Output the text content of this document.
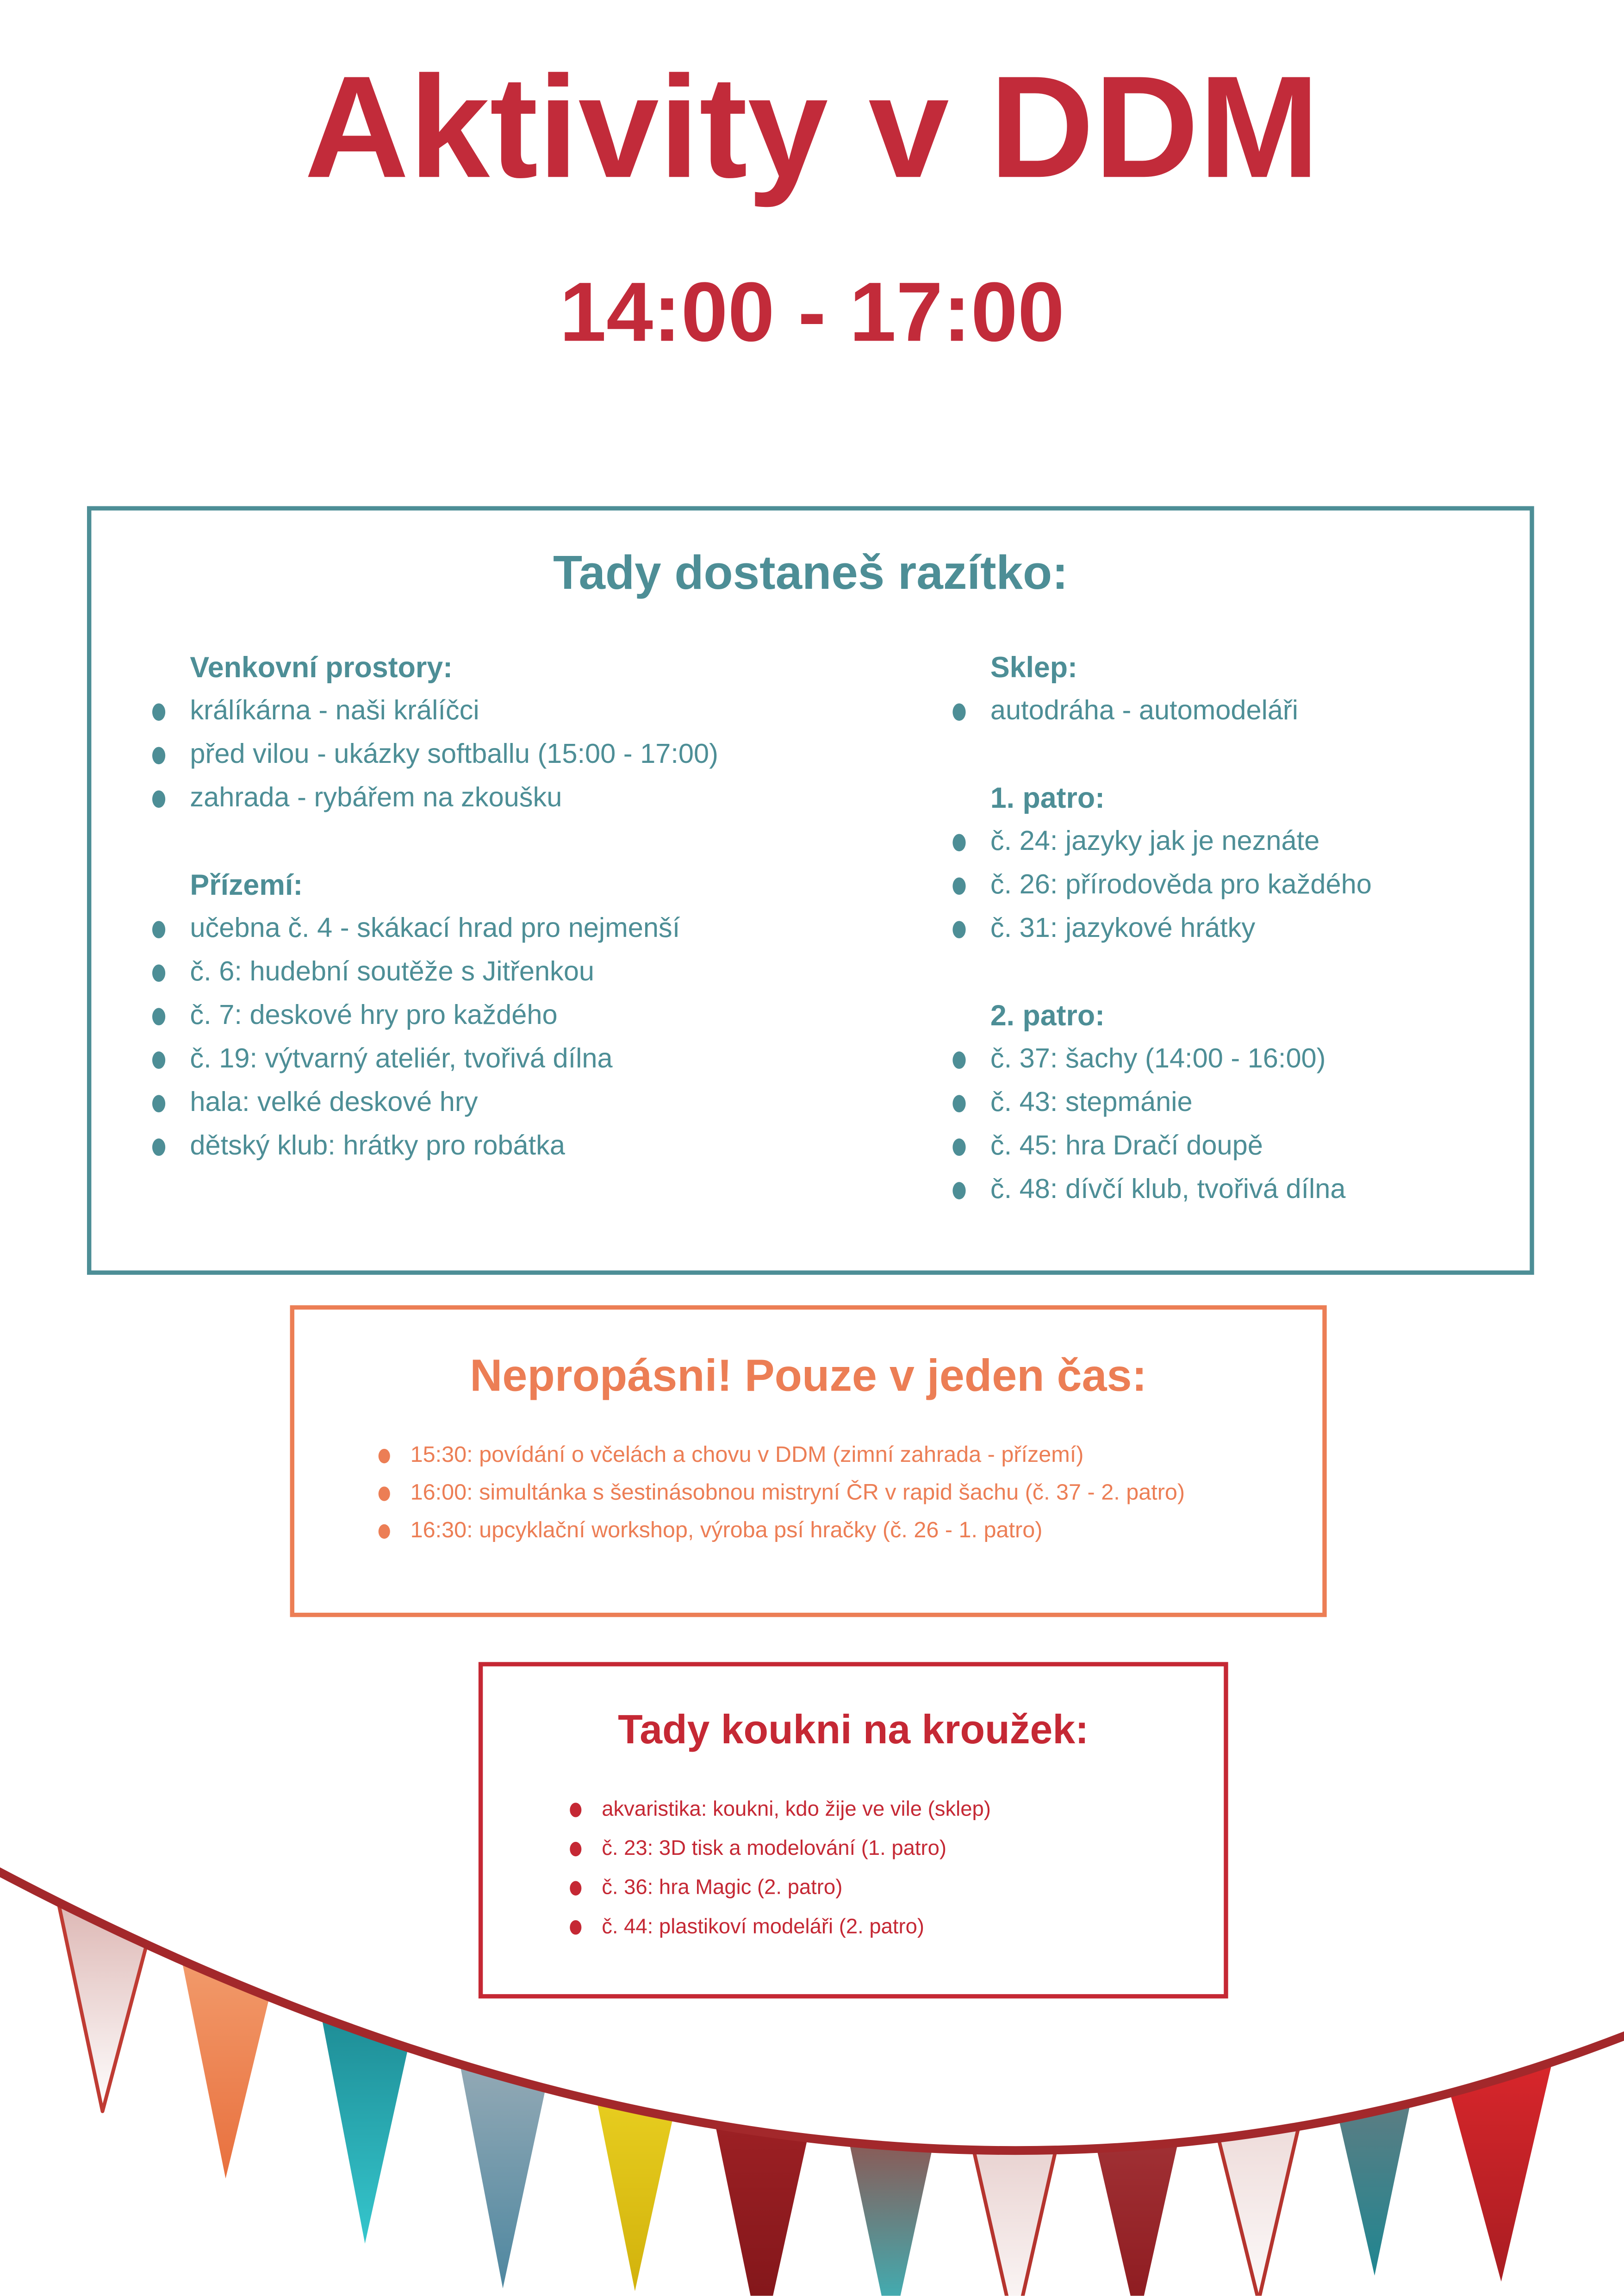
Aktivity v DDM
14:00 - 17:00
Tady dostaneš razítko:
Venkovní prostory:
králíkárna - naši králíčci
před vilou - ukázky softballu (15:00 - 17:00)
zahrada - rybářem na zkoušku
Přízemí:
učebna č. 4 - skákací hrad pro nejmenší
č. 6: hudební soutěže s Jitřenkou
č. 7: deskové hry pro každého
č. 19: výtvarný ateliér, tvořivá dílna
hala: velké deskové hry
dětský klub: hrátky pro robátka
Sklep:
autodráha - automodeláři
1. patro:
č. 24: jazyky jak je neznáte
č. 26: přírodověda pro každého
č. 31: jazykové hrátky
2. patro:
č. 37: šachy (14:00 - 16:00)
č. 43: stepmánie
č. 45: hra Dračí doupě
č. 48: dívčí klub, tvořivá dílna
Nepropásni! Pouze v jeden čas:
15:30: povídání o včelách a chovu v DDM (zimní zahrada - přízemí)
16:00: simultánka s šestinásobnou mistryní ČR v rapid šachu (č. 37 - 2. patro)
16:30: upcyklační workshop, výroba psí hračky (č. 26 - 1. patro)
Tady koukni na kroužek:
akvaristika: koukni, kdo žije ve vile (sklep)
č. 23: 3D tisk a modelování (1. patro)
č. 36: hra Magic (2. patro)
č. 44: plastikoví modeláři (2. patro)
